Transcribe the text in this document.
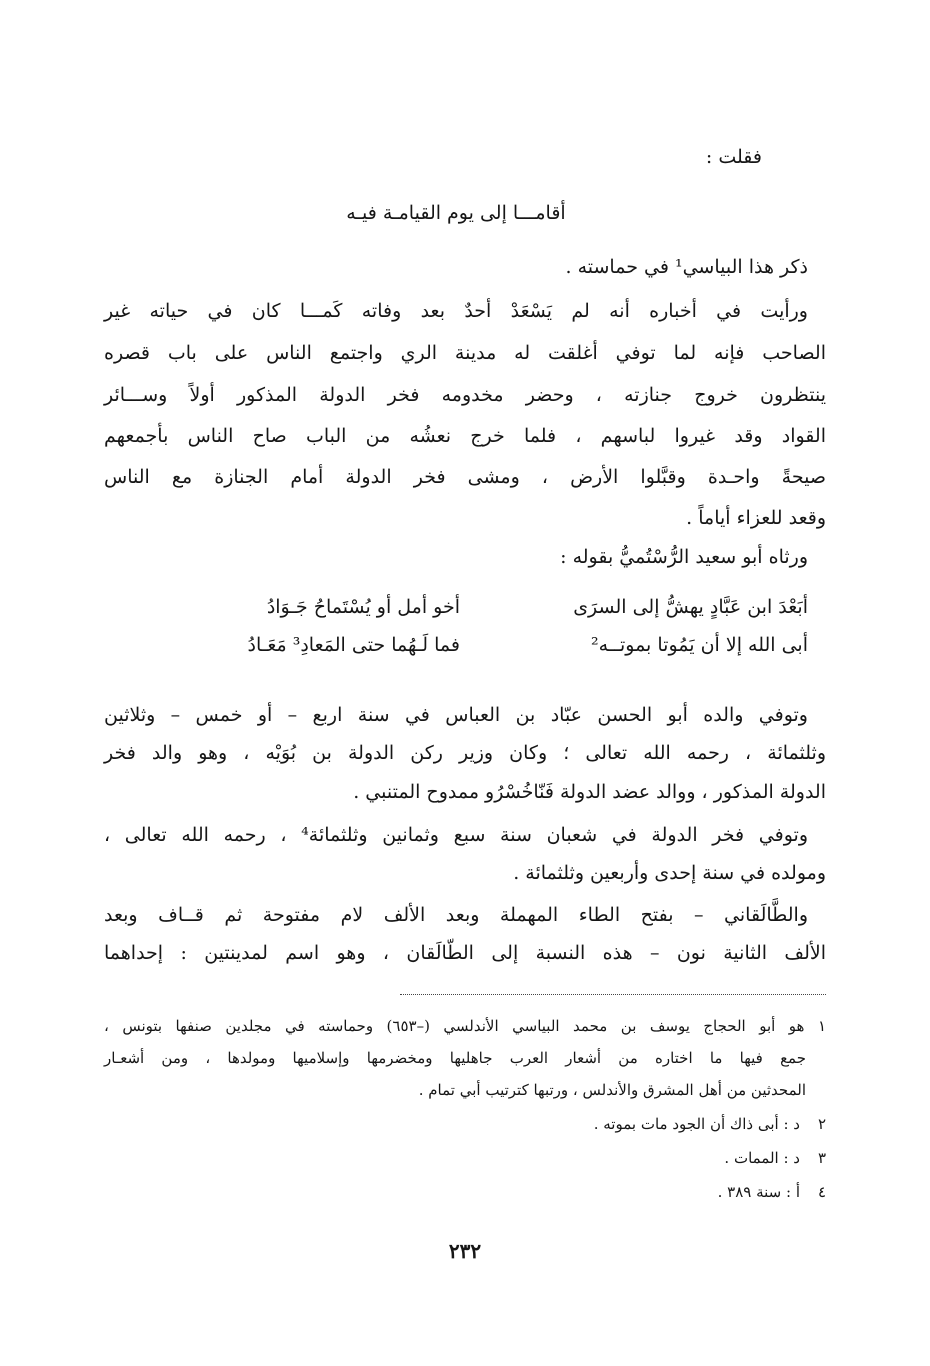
فقلت :
أقامـــا إلى يوم القيامـة فيـه
ذكر هذا البياسي¹ في حماسته .
ورأيت في أخباره أنه لم يَسْعَدْ أحدٌ بعد وفاته كَمـــا كان في حياته غير
الصاحب فإنه لما توفي أغلقت له مدينة الري واجتمع الناس على باب قصره
ينتظرون خروج جنازته ، وحضر مخدومه فخر الدولة المذكور أولاً وســـائر
القواد وقد غيروا لباسهم ، فلما خرج نعشُه من الباب صاح الناس بأجمعهم
صيحةً واحـدة وقبَّلوا الأرض ، ومشى فخر الدولة أمام الجنازة مع الناس
وقعد للعزاء أياماً .
ورثاه أبو سعيد الرُّسْتُميُّ بقوله :
أبَعْدَ ابن عَبَّادٍ يهشُّ إلى السرَى
أخو أمل أو يُسْتَماحُ جَـوَادُ
أبى الله إلا أن يَمُوتا بموتــه²
فما لَـهُما حتى المَعادِ³ مَعَـادُ
وتوفي والده أبو الحسن عبّاد بن العباس في سنة اربع – أو خمس – وثلاثين
وثلثمائة ، رحمه الله تعالى ؛ وكان وزير ركن الدولة بن بُوَيْه ، وهو والد فخر
الدولة المذكور ، ووالد عضد الدولة فَنّاخُسْرُو ممدوح المتنبي .
وتوفي فخر الدولة في شعبان سنة سبع وثمانين وثلثمائة⁴ ، رحمه الله تعالى ،
ومولده في سنة إحدى وأربعين وثلثمائة .
والطَّالَقاني – بفتح الطاء المهملة وبعد الألف لام مفتوحة ثم قــاف وبعد
الألف الثانية نون – هذه النسبة إلى الطّالَقان ، وهو اسم لمدينتين : إحداهما
١ هو أبو الحجاج يوسف بن محمد البياسي الأندلسي (–٦٥٣) وحماسته في مجلدين صنفها بتونس ،
جمع فيها ما اختاره من أشعار العرب جاهليها ومخضرمها وإسلاميها ومولدها ، ومن أشعـار
المحدثين من أهل المشرق والأندلس ، ورتبها كترتيب أبي تمام .
٢
د : أبى ذاك أن الجود مات بموته .
٣
د : الممات .
٤
أ : سنة ٣٨٩ .
٢٣٢
